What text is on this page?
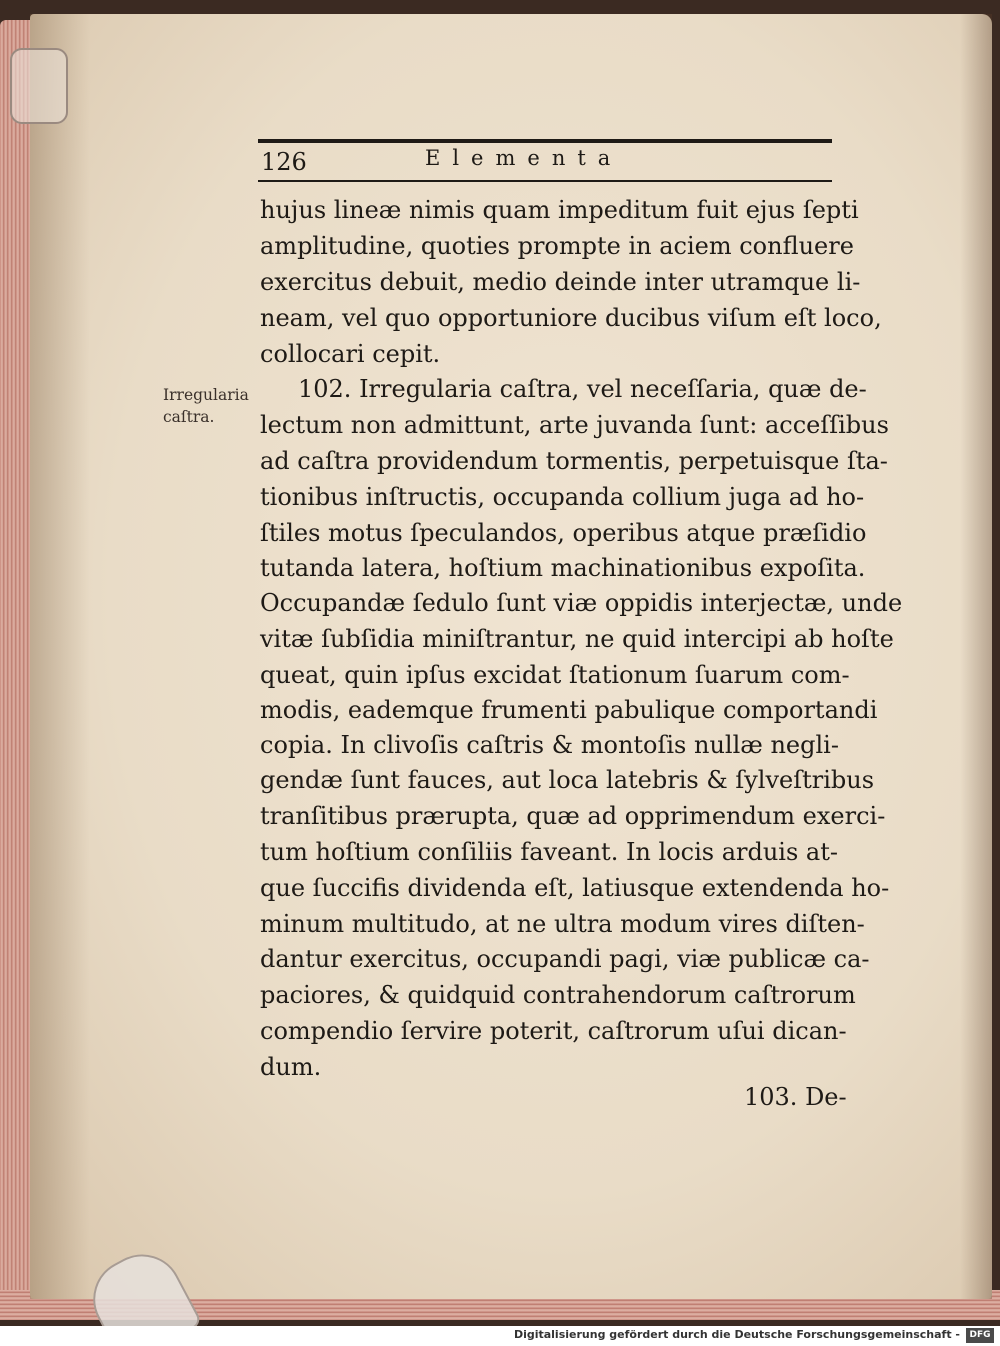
126	Elementa
Irregularia
caſtra.
hujus lineæ nimis quam impeditum fuit ejus ſepti
amplitudine, quoties prompte in aciem confluere
exercitus debuit, medio deinde inter utramque li-
neam, vel quo opportuniore ducibus viſum eſt loco,
collocari cepit.
102. Irregularia caſtra, vel neceſſaria, quæ de-
lectum non admittunt, arte juvanda ſunt: acceſſibus
ad caſtra providendum tormentis, perpetuisque ſta-
tionibus inſtructis, occupanda collium juga ad ho-
ſtiles motus ſpeculandos, operibus atque præſidio
tutanda latera, hoſtium machinationibus expoſita.
Occupandæ ſedulo ſunt viæ oppidis interjectæ, unde
vitæ ſubſidia miniſtrantur, ne quid intercipi ab hoſte
queat, quin ipſus excidat ſtationum ſuarum com-
modis, eademque frumenti pabulique comportandi
copia. In clivoſis caſtris & montoſis nullæ negli-
gendæ ſunt fauces, aut loca latebris & ſylveſtribus
tranſitibus prærupta, quæ ad opprimendum exerci-
tum hoſtium conſiliis faveant. In locis arduis at-
que ſuccifis dividenda eſt, latiusque extendenda ho-
minum multitudo, at ne ultra modum vires diſten-
dantur exercitus, occupandi pagi, viæ publicæ ca-
paciores, & quidquid contrahendorum caſtrorum
compendio ſervire poterit, caſtrorum uſui dican-
dum.
103. De-
Digitalisierung gefördert durch die Deutsche Forschungsgemeinschaft -	DFG
